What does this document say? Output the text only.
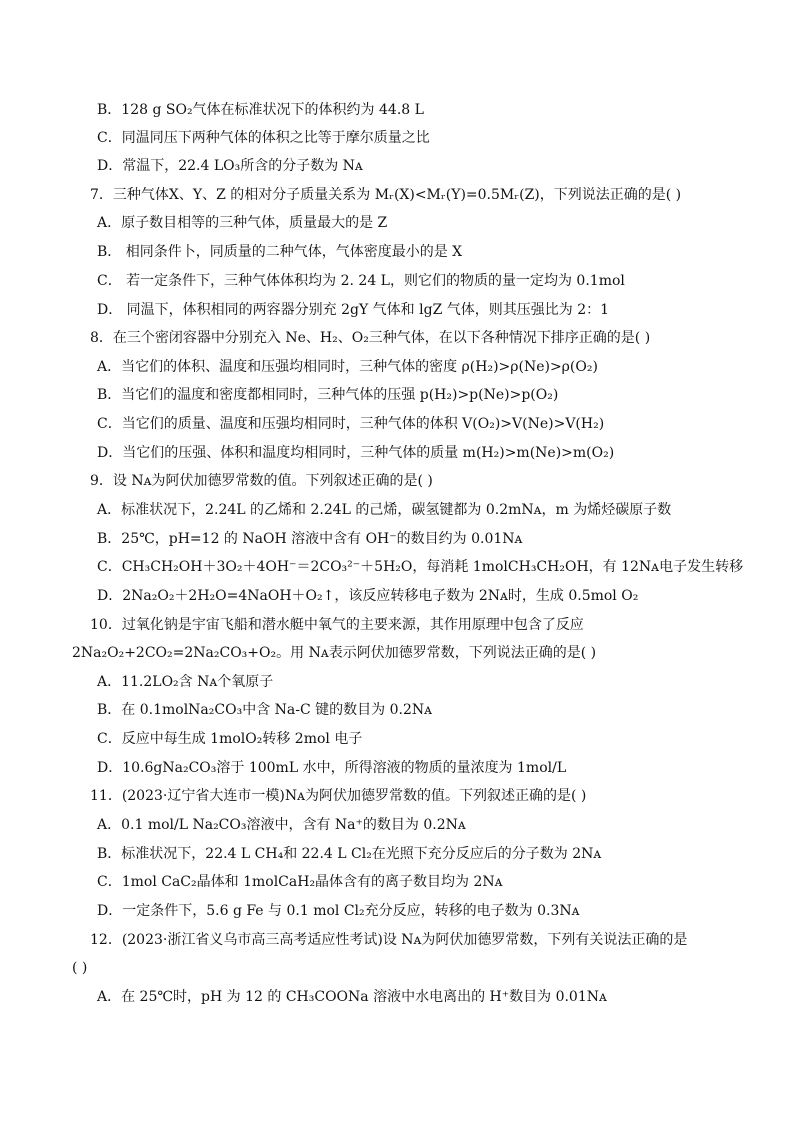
B．128 g SO₂气体在标准状况下的体积约为 44.8 L
C．同温同压下两种气体的体积之比等于摩尔质量之比
D．常温下，22.4 LO₃所含的分子数为 Nᴀ
7．三种气体X、Y、Z 的相对分子质量关系为 Mᵣ(X)<Mᵣ(Y)=0.5Mᵣ(Z)，下列说法正确的是( )
A．原子数目相等的三种气体，质量最大的是 Z
B． 相同条件卜，同质量的二种气体，气体密度最小的是 X
C． 若一定条件下，三种气体体积均为 2. 24 L，则它们的物质的量一定均为 0.1mol
D． 同温下，体积相同的两容器分别充 2gY 气体和 lgZ 气体，则其压强比为 2：1
8．在三个密闭容器中分别充入 Ne、H₂、O₂三种气体，在以下各种情况下排序正确的是( )
A．当它们的体积、温度和压强均相同时，三种气体的密度 ρ(H₂)>ρ(Ne)>ρ(O₂)
B．当它们的温度和密度都相同时，三种气体的压强 p(H₂)>p(Ne)>p(O₂)
C．当它们的质量、温度和压强均相同时，三种气体的体积 V(O₂)>V(Ne)>V(H₂)
D．当它们的压强、体积和温度均相同时，三种气体的质量 m(H₂)>m(Ne)>m(O₂)
9．设 Nᴀ为阿伏加德罗常数的值。下列叙述正确的是( )
A．标准状况下，2.24L 的乙烯和 2.24L 的己烯，碳氢键都为 0.2mNᴀ，m 为烯烃碳原子数
B．25℃，pH=12 的 NaOH 溶液中含有 OH⁻的数目约为 0.01Nᴀ
C．CH₃CH₂OH＋3O₂＋4OH⁻＝2CO₃²⁻＋5H₂O，每消耗 1molCH₃CH₂OH，有 12Nᴀ电子发生转移
D．2Na₂O₂＋2H₂O=4NaOH＋O₂↑，该反应转移电子数为 2Nᴀ时，生成 0.5mol O₂
10．过氧化钠是宇宙飞船和潜水艇中氧气的主要来源，其作用原理中包含了反应
2Na₂O₂+2CO₂=2Na₂CO₃+O₂。用 Nᴀ表示阿伏加德罗常数，下列说法正确的是( )
A．11.2LO₂含 Nᴀ个氧原子
B．在 0.1molNa₂CO₃中含 Na-C 键的数目为 0.2Nᴀ
C．反应中每生成 1molO₂转移 2mol 电子
D．10.6gNa₂CO₃溶于 100mL 水中，所得溶液的物质的量浓度为 1mol/L
11．(2023·辽宁省大连市一模)Nᴀ为阿伏加德罗常数的值。下列叙述正确的是( )
A．0.1 mol/L Na₂CO₃溶液中，含有 Na⁺的数目为 0.2Nᴀ
B．标准状况下，22.4 L CH₄和 22.4 L Cl₂在光照下充分反应后的分子数为 2Nᴀ
C．1mol CaC₂晶体和 1molCaH₂晶体含有的离子数目均为 2Nᴀ
D．一定条件下，5.6 g Fe 与 0.1 mol Cl₂充分反应，转移的电子数为 0.3Nᴀ
12．(2023·浙江省义乌市高三高考适应性考试)设 Nᴀ为阿伏加德罗常数，下列有关说法正确的是
( )
A．在 25℃时，pH 为 12 的 CH₃COONa 溶液中水电离出的 H⁺数目为 0.01Nᴀ
